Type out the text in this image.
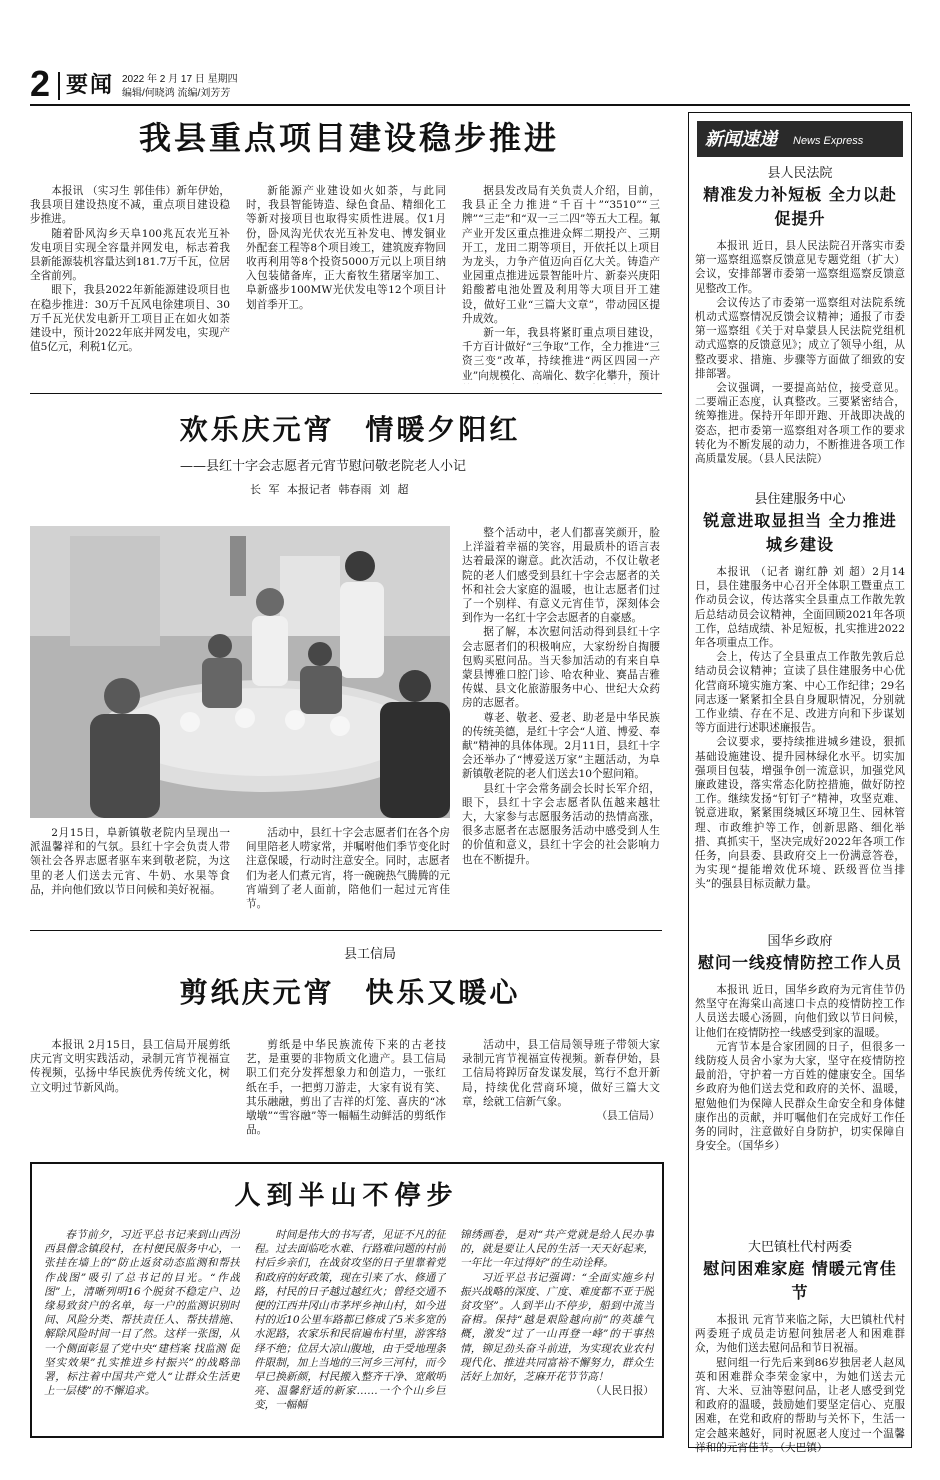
2 要闻 2022 年 2 月 17 日 星期四
编辑/何晓鸿 流编/刘芳芳
我县重点项目建设稳步推进

本报讯 （实习生 郭佳伟）新年伊始，我县项目建设热度不减，重点项目建设稳步推进。

随着卧风沟乡天阜100兆瓦农光互补发电项目实现全容量并网发电，标志着我县新能源装机容量达到181.7万千瓦，位居全省前列。

眼下，我县2022年新能源建设项目也在稳步推进：30万千瓦风电徐建项目、30万千瓦光伏发电新开工项目正在如火如荼建设中，预计2022年底并网发电，实现产值5亿元，利税1亿元。

新能源产业建设如火如荼，与此同时，我县智能铸造、绿色食品、精细化工等新对接项目也取得实质性进展。仅1月份，卧凤沟光伏农光互补发电、博发铜业外配套工程等8个项目竣工，建筑废弃物回收再利用等8个投资5000万元以上项目纳入包装储备库，正大畜牧生猪屠宰加工、阜新盛步100MW光伏发电等12个项目计划首季开工。

据县发改局有关负责人介绍，目前，我县正全力推进“千百十”“3510”“三牌”“三走”和“双一三二四”等五大工程。氟产业开发区重点推进众辉二期投产、三期开工，龙田二期等项目，开依托以上项目为龙头，力争产值迈向百亿大关。铸造产业园重点推进远景智能叶片、新泰兴庚阳鉛酸蓄电池处置及利用等大项目开工建设，做好工业“三篇大文章”，带动园区提升成效。

新一年，我县将紧盯重点项目建设，千方百计做好“三争取”工作，全力推进“三资三变”改革，持续推进“两区四园一产业”向规模化、高端化、数字化攀升，预计

欢乐庆元宵 情暖夕阳红
——县红十字会志愿者元宵节慰问敬老院老人小记
长 军 本报记者 韩春雨 刘 超

2月15日，阜新镇敬老院内呈现出一派温馨祥和的气氛。县红十字会负责人带领社会各界志愿者驱车来到敬老院，为这里的老人们送去元宵、牛奶、水果等食品，并向他们致以节日问候和美好祝福。

活动中，县红十字会志愿者们在各个房间里陪老人唠家常，并嘱咐他们季节变化时注意保暖，行动时注意安全。同时，志愿者们为老人们煮元宵，将一碗碗热气腾腾的元宵端到了老人面前，陪他们一起过元宵佳节。

整个活动中，老人们都喜笑颜开，脸上洋溢着幸福的笑容，用最质朴的语言表达着最深的谢意。此次活动，不仅让敬老院的老人们感受到县红十字会志愿者的关怀和社会大家庭的温暖，也让志愿者们过了一个别样、有意义元宵佳节，深刻体会到作为一名红十字会志愿者的自豪感。

据了解，本次慰问活动得到县红十字会志愿者们的积极响应，大家纷纷自掏腰包购买慰问品。当天参加活动的有来自阜蒙县博雅口腔门诊、哈农种业、赛晶吉雅传媒、县文化旅游服务中心、世纪大众药房的志愿者。

尊老、敬老、爱老、助老是中华民族的传统美德，是红十字会“人道、博爱、奉献”精神的具体体现。2月11日，县红十字会还举办了“博爱送万家”主题活动，为阜新镇敬老院的老人们送去10个慰问箱。

县红十字会常务副会长时长军介绍，眼下，县红十字会志愿者队伍越来越壮大，大家参与志愿服务活动的热情高涨，很多志愿者在志愿服务活动中感受到人生的价值和意义，县红十字会的社会影响力也在不断提升。

县工信局
剪纸庆元宵 快乐又暖心

本报讯 2月15日，县工信局开展剪纸庆元宵文明实践活动，录制元宵节视福宣传视频，弘扬中华民族优秀传统文化，树立文明过节新风尚。

剪纸是中华民族流传下来的古老技艺，是重要的非物质文化遗产。县工信局职工们充分发挥想象力和创造力，一张红纸在手，一把剪刀游走，大家有说有笑、其乐融融，剪出了吉祥的灯笼、喜庆的“冰墩墩”“雪容融”等一幅幅生动鲜活的剪纸作品。

活动中，县工信局领导班子带领大家录制元宵节视福宣传视频。新春伊始，县工信局将踔厉奋发谋发展，笃行不怠开新局，持续优化营商环境，做好三篇大文章，绘就工信新气象。

（县工信局）

人到半山不停步

春节前夕，习近平总书记来到山西汾西县僧念镇段村，在村便民服务中心，一张挂在墙上的“防止返贫动态监测和帮扶作战图”吸引了总书记的目光。“作战图”上，清晰列明16个脱贫不稳定户、边缘易致贫户的名单，每一户的监测识别时间、风险分类、帮扶责任人、帮扶措施、解除风险时间一目了然。这样一张图，从一个侧面彰显了党中央“建档案 找监测 促坚实效果”扎实推进乡村振兴”的战略部署，标注着中国共产党人“让群众生活更上一层楼”的不懈追求。

时间是伟大的书写者，见证不凡的征程。过去面临吃水难、行路难问题的村前村后乡亲们，在战贫攻坚的日子里靠着党和政府的好政策，现在引来了水、修通了路，村民的日子越过越红火；曾经交通不便的江西井冈山市茅坪乡神山村，如今进村的近10公里车路都已修成了5米多宽的水泥路，农家乐和民宿遍布村里，游客络绎不绝；位居大凉山腹地，由于受地理条件限制，加上当地的三河乡三河村，而今早已换新颜，村民搬入整齐干净、宽敞明亮、温馨舒适的新家……一个个山乡巨变，一幅幅

锦绣画卷，是对“共产党就是给人民办事的，就是要让人民的生活一天天好起来，一年比一年过得好”的生动诠释。

习近平总书记强调：“全面实施乡村振兴战略的深度、广度、难度都不亚于脱贫攻坚”。人到半山不停步，船到中流当奋楫。保持“越是艰险越向前”的英雄气概，激发“过了一山再登一峰”的干事热情，铆足劲头奋斗前进，为实现农业农村现代化、推进共同富裕不懈努力，群众生活好上加好，芝麻开花节节高！

（人民日报）

新闻速递 News Express
县人民法院
精准发力补短板 全力以赴促提升

本报讯 近日，县人民法院召开落实市委第一巡察组巡察反馈意见专题党组（扩大）会议，安排部署市委第一巡察组巡察反馈意见整改工作。

会议传达了市委第一巡察组对法院系统机动式巡察情况反馈会议精神；通报了市委第一巡察组《关于对阜蒙县人民法院党组机动式巡察的反馈意见》；成立了领导小组，从整改要求、措施、步骤等方面做了细致的安排部署。

会议强调，一要提高站位，接受意见。二要端正态度，认真整改。三要紧密结合，统筹推进。保持开年即开跑、开战即决战的姿态，把市委第一巡察组对各项工作的要求转化为不断发展的动力，不断推进各项工作高质量发展。（县人民法院）

县住建服务中心
锐意进取显担当 全力推进城乡建设

本报讯 （记者 谢红静 刘 超）2月14日，县住建服务中心召开全体职工暨重点工作动员会议，传达落实全县重点工作散先敦后总结动员会议精神，全面回顾2021年各项工作，总结成绩、补足短板，扎实推进2022年各项重点工作。

会上，传达了全县重点工作散先敦后总结动员会议精神；宣读了县住建服务中心优化营商环境实施方案、中心工作纪律；29名同志逐一紧紧扣全县自身履职情况，分别就工作业绩、存在不足、改进方向和下步谋划等方面进行述职述廉报告。

会议要求，要持续推进城乡建设，狠抓基础设施建设、提升园林绿化水平。切实加强项目包装，增强争创一流意识，加强党风廉政建设，落实常态化防控措施，做好防控工作。继续发扬“钉钉子”精神，攻坚克难、锐意进取，紧紧围绕城区环境卫生、园林管理、市政维护等工作，创新思路、细化举措、真抓实干，坚决完成好2022年各项工作任务，向县委、县政府交上一份满意答卷，为实现“提能增效优环境、跃级晋位当排头”的强县目标贡献力量。

国华乡政府
慰问一线疫情防控工作人员

本报讯 近日，国华乡政府为元宵佳节仍然坚守在海棠山高速口卡点的疫情防控工作人员送去暖心汤圆，向他们致以节日问候，让他们在疫情防控一线感受到家的温暖。

元宵节本是合家团圆的日子，但很多一线防疫人员舍小家为大家，坚守在疫情防控最前沿，守护着一方百姓的健康安全。国华乡政府为他们送去党和政府的关怀、温暖，慰勉他们为保障人民群众生命安全和身体健康作出的贡献，并叮嘱他们在完成好工作任务的同时，注意做好自身防护，切实保障自身安全。（国华乡）

大巴镇杜代村两委
慰问困难家庭 情暖元宵佳节

本报讯 元宵节来临之际，大巴镇杜代村两委班子成员走访慰问独居老人和困难群众，为他们送去慰问品和节日祝福。

慰问组一行先后来到86岁独居老人赵凤英和困难群众李荣金家中，为她们送去元宵、大米、豆油等慰问品，让老人感受到党和政府的温暖，鼓励她们要坚定信心、克服困难，在党和政府的帮助与关怀下，生活一定会越来越好，同时祝愿老人度过一个温馨祥和的元宵佳节。（大巴镇）
